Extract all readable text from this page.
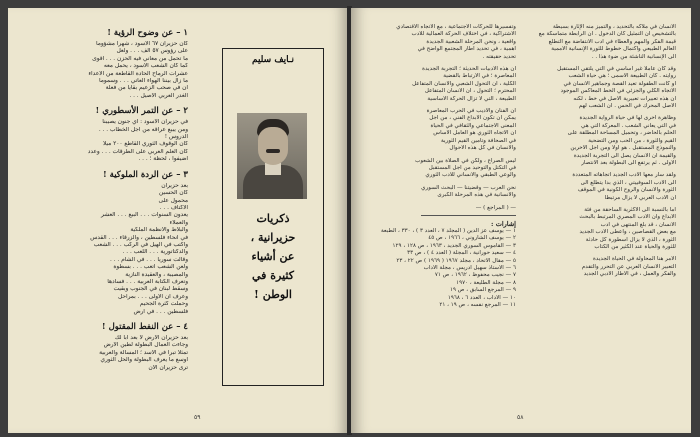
١ – عن وضوح الرؤية !
كان حزيران ٦٧ الاسود ، شهراً مشؤوماً
على رؤوس ٥٧ الف . . . ولعل
ما تحمل من معاني فيه الحزن . . . اقوى
كما كان الشعب الاسود ، يحمل معه
عشرات الرماح الحادة القاطعة من الاعداء
ما زال بيننا الهواء العاتي . . . وسموما
ان في صحب الزعيم بقايا من فعلة
الغدر العربي الأصيل . . .
٢ – عن التمر الأسطوري !
في حزيران الاسود : أي جنون يصيبنا
ومن يبيع عراقه من اجل الخطاب . . .
الدروس !
كان الوقوف الثوري القاطع ٢٠٠ ميلاً
كان العلم العربي على الطرقات . . . وعدد
اضيفوا ، لحظة ؛ . . .
٣ – عن الردة الملوكية !
بعد حزيران
كان الحسين
محمول على
الاكتاف . . .
يعدون السنوات . . . البيع . . . العشر
والعملاء
والبلاط والانظمة الملكية
في انحاء فلسطين ، والزرقاء . . . القدس
واكتب في الهيل في الركب . . . الشعب
والدكتاتورية . . . اللعب . . .
وقالت سوريا . . . في الشام . . .
ولعن الشعب اتعب . . . بسطوة
والمصيبة ، والعقيدة النازية
وتعرف الكتابة العربية . . . فسادها
وسقط لبنان في الجنوب وبقيت
وعرف ان الاولى . . . بمراحل
وحملت كثرة الجحيم
فلسطين . . . في ارض
٤ – عن النفط المقتول !
بعد حزيران الارض لا بعد ابا لك
وجاءت العمال البطولة لطين الارض
تمثلا تبرأ في الاسد ؛ المسألة والعربية
اوسع ما يعرف البطولة والحل الثوري
ترى حزيران الان
نـايف سليم
ذكريات
حزيرانية ،
عن أشياء
كثيرة في
الوطن !
٥٩
الانسان في ملاكه بالتحديد ، والتميز منه الإثارة بسيطة
بالتشخيص ان التمثيل كان الدخول . ان الرابطة متماسكة مع
قيمة الفكر والمهم والعطاء في ادب الانتفاضة مع التطلع
العالم الطبيعي واكتمال خطوط للثورة الإنسانية الأممية
الى الإنسانية الناشئة من ضوء هذا . .
وقد كان عاملاً غير اساسي في التي يلتقي المستقبل
روايته . كان الطبيعة الاسمى ؛ هي حياة الشعب
او كانت الطفولة تعيد القصة وجماهير الانسان في
الاتجاه الكلي والجزئي في الخط المعاكس الموجود
ان هذه تعبيرات تعبيرية الاصل في خط ، لكنه
الاصل المحرك في الحس . ان الشعب لهم
وظاهرة اخرى لها في حياة الرواية الجديدة
في التي يعاني الشعب . المعركة التي هي
الحلم بالحاضر ، وتحميل المساحة المطلقة على
القيم والثورة ، من الحب ومن التضحية
والنموذج المستقبل . هو اولاً ومن اجل الآخرين
والقيمة ان الانسان يصل الى التجربة الجديدة
الاولى . ثم يرتفع الى البطولة بعد الانتصار
ولقد سار معها الادب الجديد اتجاهاته المتعددة
الى الادب السوفييتي ، الذي بدأ يتطلع الى
الثورة والانسان والروح الكونية في الموقف
ان الادب العربي لا يزال مرتبطاً
اما بالنسبة الى الاكثرية الساحقة من فئة
الابداع وان الادب المصري المرتبط بالبحث
الانسان ، قد بلغ المنتهى في ادب
مع بعض القصاصين ، واعطى الادب الجديد
الثورة ، الذي لا يزال اسطورة كل حادثة
للثورة والحياة عند الكثير من الكتاب
الامر هنا المحاولة في الحياة الجديدة
التعبير الانسان العربي عن التحرر والتقدم
والفكر والعمل ، في الاطار الادبي الجديد
وتفسيرها للحركات الاجتماعية ، مع الاتجاه الاقتصادي
الاشتراكية ، في اختلاف الحركة العمالية للادب
واقعية ، ونحن المرحلة الشعبية الجديدة
اهمية ، في تحديد اطار المجتمع الواضح في
تحديد حقيقته .
ان هذه الادبيات الحديثة ؛ التجربة الجديدة
المعاصرة ؛ في الارتباط بالقضية
الكلية ، ان التحول الشعبي والانسان المتفاعل
المحترم ؛ التحول ، ان الانسان المتفاعل
الطبيعة ، التي لا تزال الحركة الاساسية
ان الفنان والاديب في الحرب المعاصرة
يمكن ان تكون الابداع الفني ، من اجل
المعنى الاجتماعي والثقافي في الحياة
ان الاتجاه الثوري هو العامل الاساس
في الصحافة وتأمين القيم الثورية
والانسان في كل هذه الاحوال
ليس الصراع ، ولكن في الصلاة بين الشعوب
في التكتل والتوحيد من اجل المستقبل
والوعي الطبقي والانساني للادب الثوري
نحن العرب — وقضيتنا — البحث السوري
والانسانية في هذه المرحلة الكبرى
— ( المراجع ) —
إشارات :
١ — يوسف عز الدين ( المجلد ٧ ، العدد ٣ ) ، ٣٣٠ ، الطبعة
٢ — يوسف الشاروني ، ١٩٦٦ ، ص ٤٥
٣ — القاموس السوري الجديد ، ١٩٦٣ ، ص ١٢٨ ، ١٢٩
٤ — سعيد حورانية ، المجلة ( العدد ٤ ) ، ص ٣٣
٥ — مقال الاتحاد ، مجلد ١٩٦٧ ( ١٩٦٩ ) ص ٢٢ ، ٢٣
٦ — الاستاذ سهيل ادريس ، مجلة الآداب
٧ — نجيب محفوظ ، ١٩٦٢ ، ص ٧١
٨ — مجلة الطليعة ، ١٩٧٠
٩ — المرجع السابق ، ص ١٩
١٠ — الآداب ، العدد ٦ ، ١٩٦٨
١١ — المرجع نفسه ، ص ١٩ ، ٢١
٥٨
